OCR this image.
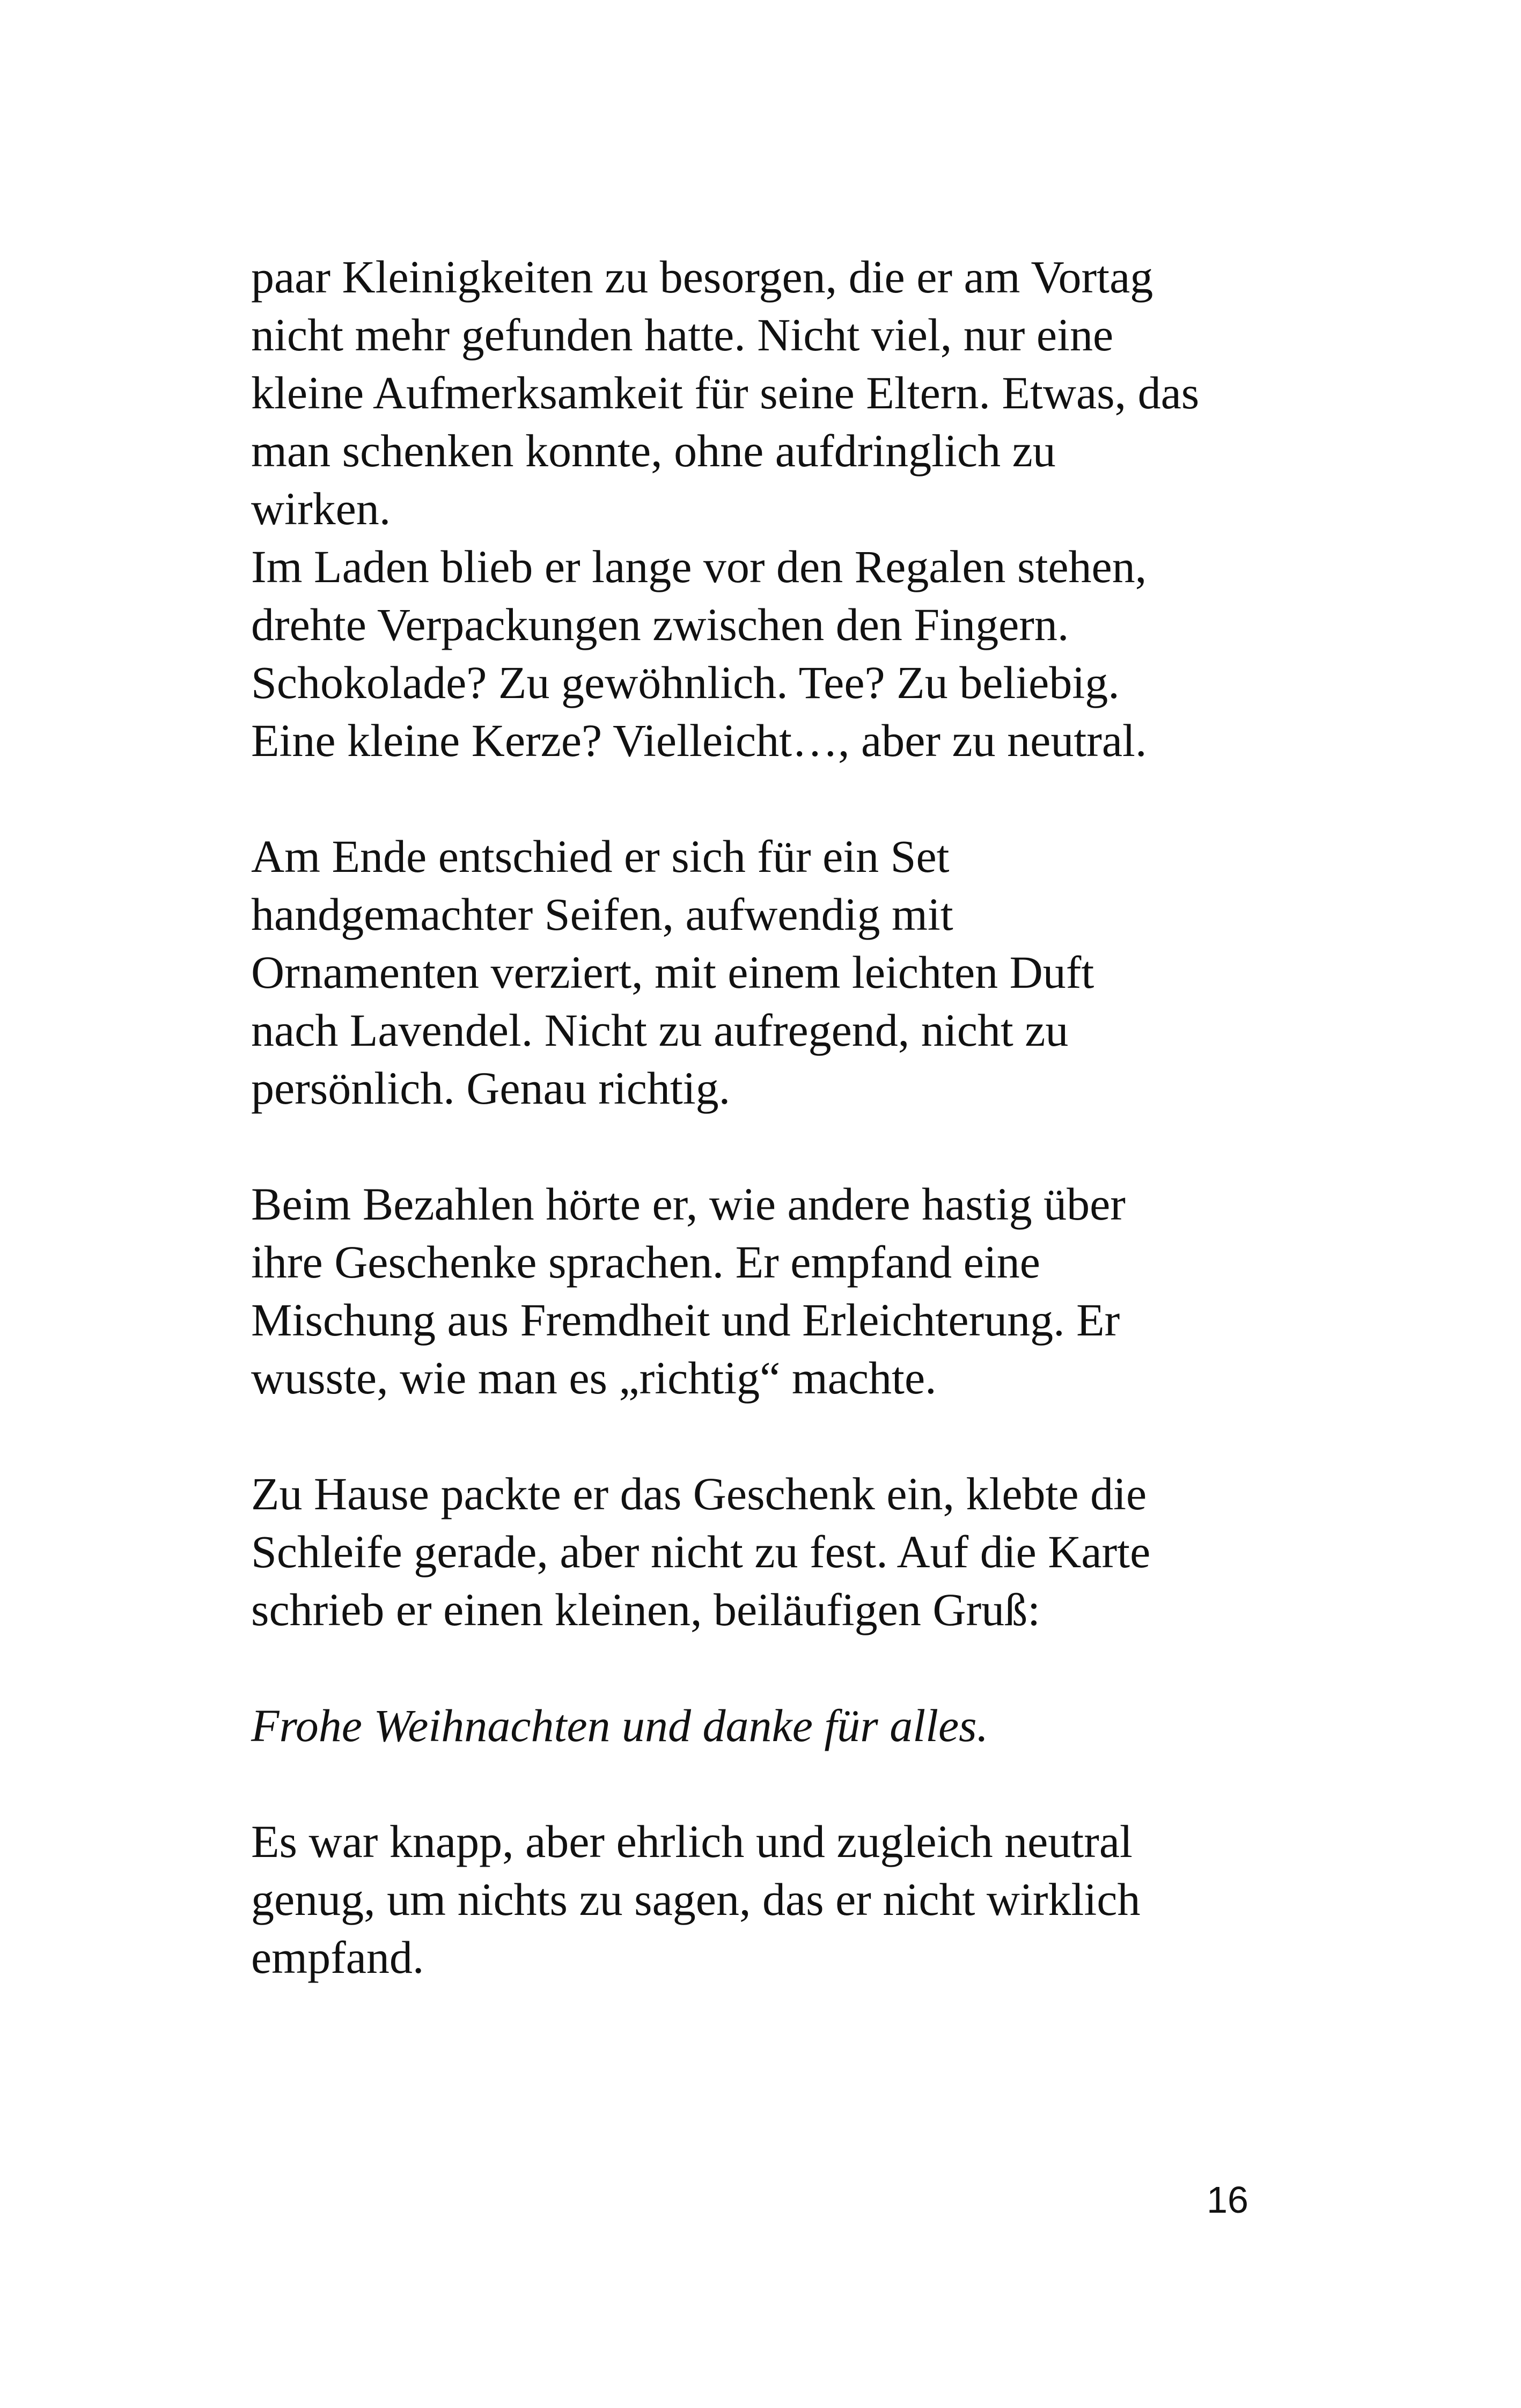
paar Kleinigkeiten zu besorgen, die er am Vortag
nicht mehr gefunden hatte. Nicht viel, nur eine
kleine Aufmerksamkeit für seine Eltern. Etwas, das
man schenken konnte, ohne aufdringlich zu
wirken.
Im Laden blieb er lange vor den Regalen stehen,
drehte Verpackungen zwischen den Fingern.
Schokolade? Zu gewöhnlich. Tee? Zu beliebig.
Eine kleine Kerze? Vielleicht…, aber zu neutral.
Am Ende entschied er sich für ein Set
handgemachter Seifen, aufwendig mit
Ornamenten verziert, mit einem leichten Duft
nach Lavendel. Nicht zu aufregend, nicht zu
persönlich. Genau richtig.
Beim Bezahlen hörte er, wie andere hastig über
ihre Geschenke sprachen. Er empfand eine
Mischung aus Fremdheit und Erleichterung. Er
wusste, wie man es „richtig“ machte.
Zu Hause packte er das Geschenk ein, klebte die
Schleife gerade, aber nicht zu fest. Auf die Karte
schrieb er einen kleinen, beiläufigen Gruß:
Frohe Weihnachten und danke für alles.
Es war knapp, aber ehrlich und zugleich neutral
genug, um nichts zu sagen, das er nicht wirklich
empfand.
16
